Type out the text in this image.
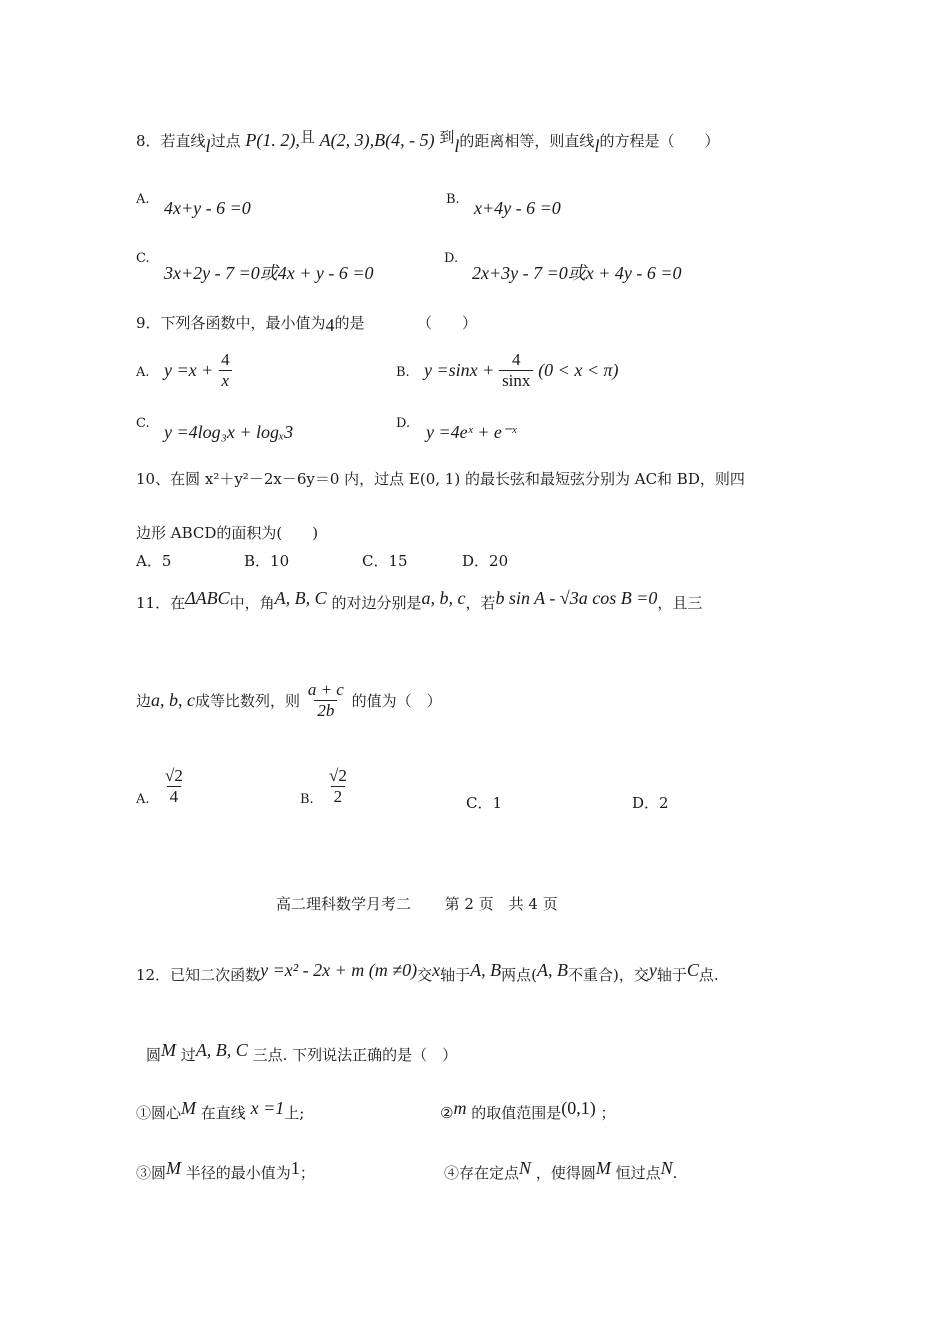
8．若直线l过点 P(1. 2),且 A(2, 3),B(4, - 5) 到l的距离相等，则直线l的方程是（　　）
A. 4x+y - 6 =0	B. x+4y - 6 =0
C.
3x+2y - 7 =0或4x + y - 6 =0
D.
2x+3y - 7 =0或x + 4y - 6 =0
9．下列各函数中，最小值为4的是　　　　（　　）
A. $y =x + \frac{4}{x}$	B. $y =\sin x + \frac{4}{\sin x} (0 < x < \pi)$
C. y =4log₃x + logₓ3	D. y =4eˣ + e⁻ˣ
10、在圆 x²＋y²－2x－6y＝0 内，过点 E(0, 1) 的最长弦和最短弦分别为 AC和 BD，则四
边形 ABCD的面积为(　　)
A．5	B．10	C．15	D．20
11．在ΔABC中，角A, B, C 的对边分别是a, b, c，若b sin A - √3a cos B =0，且三
边a, b, c成等比数列，则 $\frac{a + c}{2b}$ 的值为（　）
A. $\frac{√2}{4}$	B. $\frac{√2}{2}$	C．1	D．2
高二理科数学月考二 第 2 页　共 4 页
12．已知二次函数y =x² - 2x + m (m ≠0)交x轴于A, B两点(A, B不重合)，交y轴于C点.
圆M 过A, B, C 三点. 下列说法正确的是（　）
①圆心M 在直线 x =1上;	②m 的取值范围是(0,1) ；
③圆M 半径的最小值为1；	④存在定点N ，使得圆M 恒过点N.
